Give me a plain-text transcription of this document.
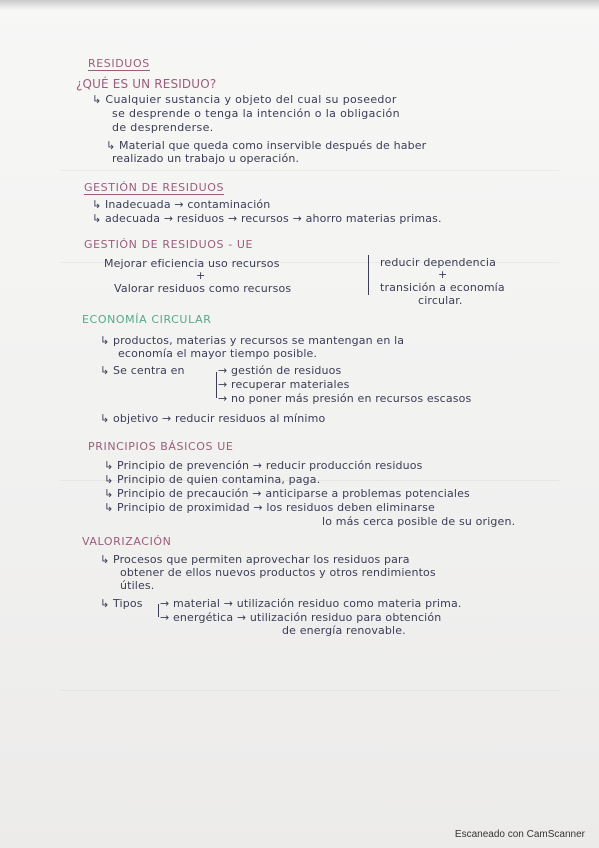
RESIDUOS
¿QUÉ ES UN RESIDUO?
↳ Cualquier sustancia y objeto del cual su poseedor
se desprende o tenga la intención o la obligación
de desprenderse.
↳ Material que queda como inservible después de haber
realizado un trabajo u operación.
GESTIÓN DE RESIDUOS
↳ Inadecuada → contaminación
↳ adecuada → residuos → recursos → ahorro materias primas.
GESTIÓN DE RESIDUOS - UE
Mejorar eficiencia uso recursos
+
Valorar residuos como recursos
reducir dependencia
+
transición a economía
circular.
ECONOMÍA CIRCULAR
↳ productos, materias y recursos se mantengan en la
economía el mayor tiempo posible.
↳ Se centra en	→ gestión de residuos
→ recuperar materiales
→ no poner más presión en recursos escasos
↳ objetivo → reducir residuos al mínimo
PRINCIPIOS BÁSICOS UE
↳ Principio de prevención → reducir producción residuos
↳ Principio de quien contamina, paga.
↳ Principio de precaución → anticiparse a problemas potenciales
↳ Principio de proximidad → los residuos deben eliminarse
lo más cerca posible de su origen.
VALORIZACIÓN
↳ Procesos que permiten aprovechar los residuos para
obtener de ellos nuevos productos y otros rendimientos
útiles.
↳ Tipos → material → utilización residuo como materia prima.
→ energética → utilización residuo para obtención
de energía renovable.
Escaneado con CamScanner
